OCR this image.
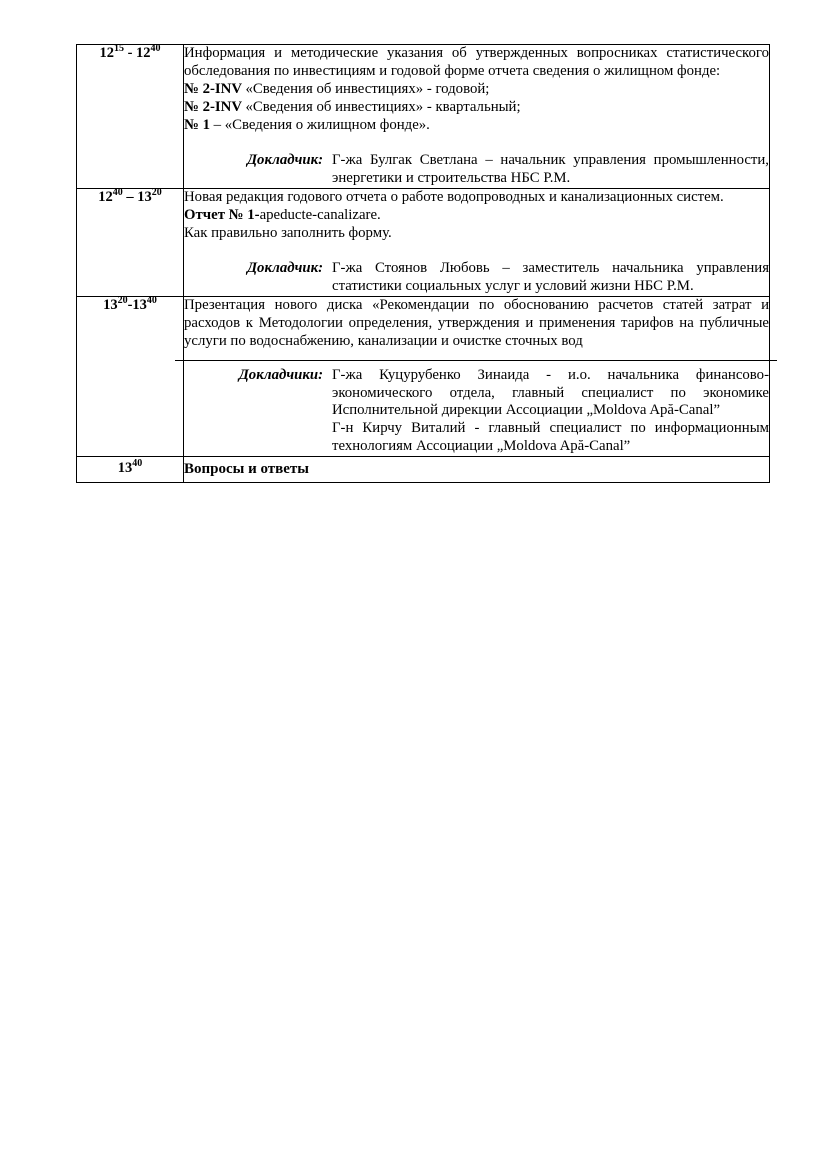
$12^{15} - 12^{40}$	Информация и методические указания об утвержденных вопросниках статистического обследования по инвестициям и годовой форме отчета сведения о жилищном фонде:

№ 2-INV «Сведения об инвестициях» - годовой;

№ 2-INV «Сведения об инвестициях» - квартальный;

№ 1 – «Сведения о жилищном фонде».

Докладчик: Г-жа Булгак Светлана – начальник управления промышленности, энергетики и строительства НБС Р.М.

$12^{40} - 13^{20}$	Новая редакция годового отчета о работе водопроводных и канализационных систем.

Отчет № 1-apeducte-canalizare.

Как правильно заполнить форму.

Докладчик: Г-жа Стоянов Любовь – заместитель начальника управления статистики социальных услуг и условий жизни НБС Р.М.

$13^{20}-13^{40}$	Презентация нового диска «Рекомендации по обоснованию расчетов статей затрат и расходов к Методологии определения, утверждения и применения тарифов на публичные услуги по водоснабжению, канализации и очистке сточных вод

Докладчики: Г-жа Куцурубенко Зинаида - и.о. начальника финансово-экономического отдела, главный специалист по экономике Исполнительной дирекции Ассоциации „Moldova Apă-Canal”

Г-н Кирчу Виталий - главный специалист по информационным технологиям Ассоциации „Moldova Apă-Canal”

$13^{40}$	Вопросы и ответы
